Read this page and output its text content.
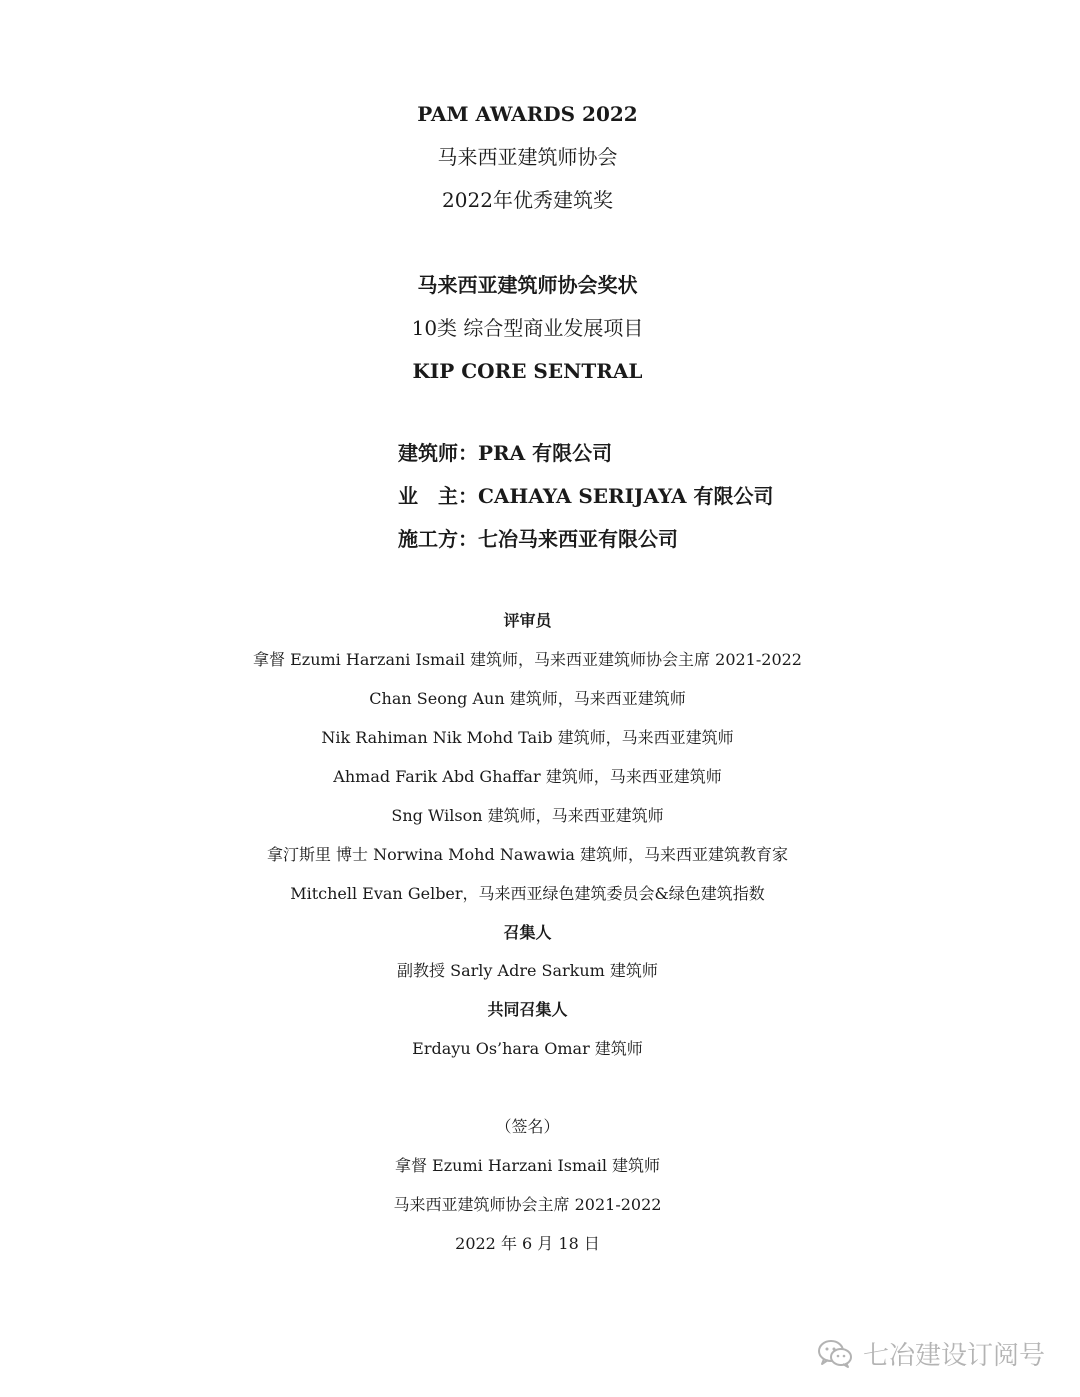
PAM AWARDS 2022
马来西亚建筑师协会
2022年优秀建筑奖
马来西亚建筑师协会奖状
10类 综合型商业发展项目
KIP CORE SENTRAL
建筑师：PRA 有限公司
业　主：CAHAYA SERIJAYA 有限公司
施工方：七冶马来西亚有限公司
评审员
拿督 Ezumi Harzani Ismail 建筑师，马来西亚建筑师协会主席 2021-2022
Chan Seong Aun 建筑师，马来西亚建筑师
Nik Rahiman Nik Mohd Taib 建筑师，马来西亚建筑师
Ahmad Farik Abd Ghaffar 建筑师，马来西亚建筑师
Sng Wilson 建筑师，马来西亚建筑师
拿汀斯里 博士 Norwina Mohd Nawawia 建筑师，马来西亚建筑教育家
Mitchell Evan Gelber，马来西亚绿色建筑委员会&绿色建筑指数
召集人
副教授 Sarly Adre Sarkum 建筑师
共同召集人
Erdayu Os’hara Omar 建筑师
（签名）
拿督 Ezumi Harzani Ismail 建筑师
马来西亚建筑师协会主席 2021-2022
2022 年 6 月 18 日
七冶建设订阅号
